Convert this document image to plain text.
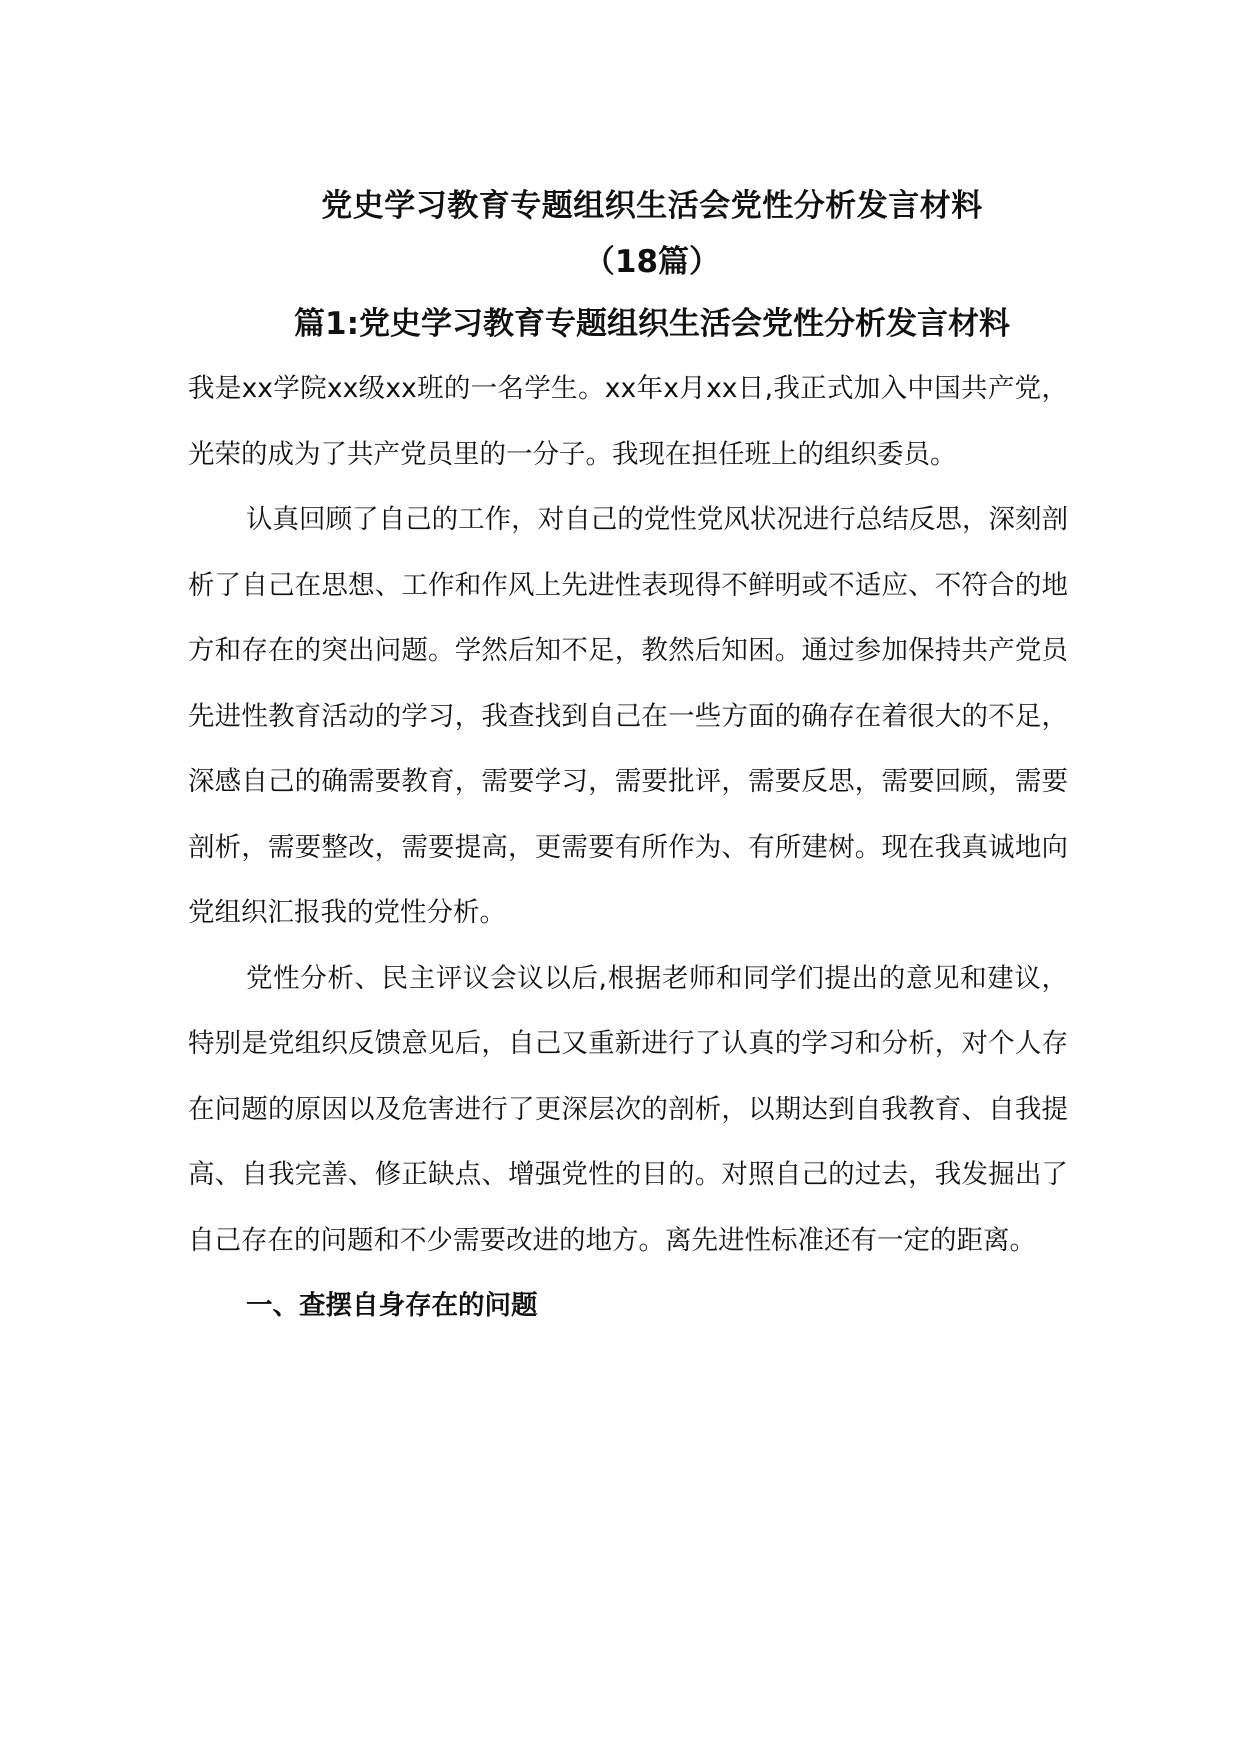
党史学习教育专题组织生活会党性分析发言材料
（18篇）
篇1:党史学习教育专题组织生活会党性分析发言材料

我是xx学院xx级xx班的一名学生。xx年x月xx日,我正式加入中国共产党，光荣的成为了共产党员里的一分子。我现在担任班上的组织委员。

认真回顾了自己的工作，对自己的党性党风状况进行总结反思，深刻剖析了自己在思想、工作和作风上先进性表现得不鲜明或不适应、不符合的地方和存在的突出问题。学然后知不足，教然后知困。通过参加保持共产党员先进性教育活动的学习，我查找到自己在一些方面的确存在着很大的不足，深感自己的确需要教育，需要学习，需要批评，需要反思，需要回顾，需要剖析，需要整改，需要提高，更需要有所作为、有所建树。现在我真诚地向党组织汇报我的党性分析。

党性分析、民主评议会议以后,根据老师和同学们提出的意见和建议，特别是党组织反馈意见后，自己又重新进行了认真的学习和分析，对个人存在问题的原因以及危害进行了更深层次的剖析，以期达到自我教育、自我提高、自我完善、修正缺点、增强党性的目的。对照自己的过去，我发掘出了自己存在的问题和不少需要改进的地方。离先进性标准还有一定的距离。

一、查摆自身存在的问题
